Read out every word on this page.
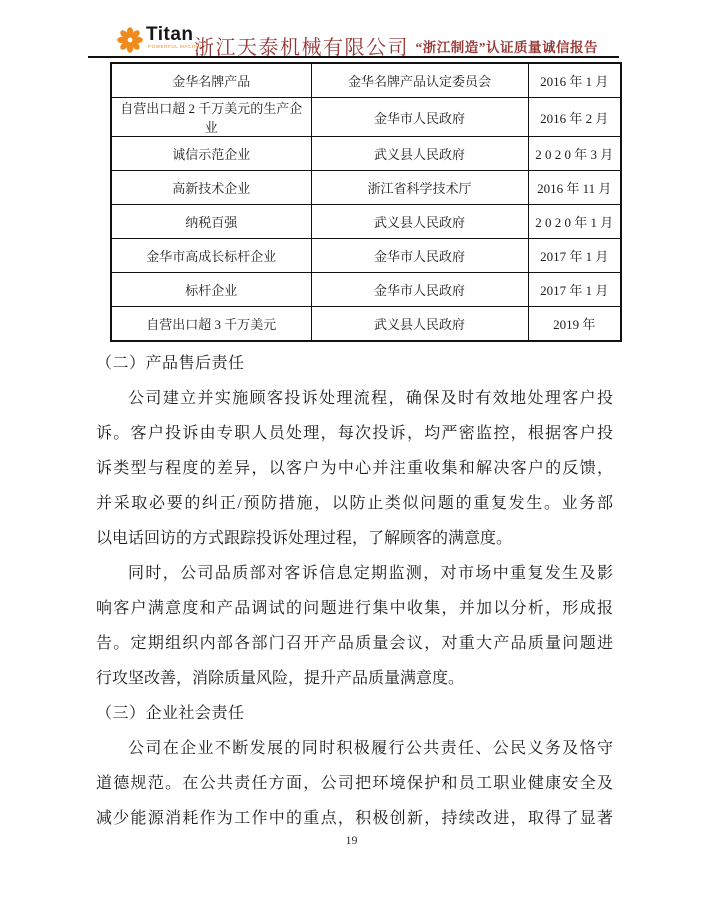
Titan
POWERFUL MACHINE
浙江天泰机械有限公司 “浙江制造”认证质量诚信报告
金华名牌产品	金华名牌产品认定委员会	2016 年 1 月
自营出口超 2 千万美元的生产企业	金华市人民政府	2016 年 2 月
诚信示范企业	武义县人民政府	2 0 2 0 年 3 月
高新技术企业	浙江省科学技术厅	2016 年 11 月
纳税百强	武义县人民政府	2 0 2 0 年 1 月
金华市高成长标杆企业	金华市人民政府	2017 年 1 月
标杆企业	金华市人民政府	2017 年 1 月
自营出口超 3 千万美元	武义县人民政府	2019 年
（二）产品售后责任
公司建立并实施顾客投诉处理流程，确保及时有效地处理客户投
诉。客户投诉由专职人员处理，每次投诉，均严密监控，根据客户投
诉类型与程度的差异，以客户为中心并注重收集和解决客户的反馈，
并采取必要的纠正/预防措施，以防止类似问题的重复发生。业务部
以电话回访的方式跟踪投诉处理过程，了解顾客的满意度。
同时，公司品质部对客诉信息定期监测，对市场中重复发生及影
响客户满意度和产品调试的问题进行集中收集，并加以分析，形成报
告。定期组织内部各部门召开产品质量会议，对重大产品质量问题进
行攻坚改善，消除质量风险，提升产品质量满意度。
（三）企业社会责任
公司在企业不断发展的同时积极履行公共责任、公民义务及恪守
道德规范。在公共责任方面，公司把环境保护和员工职业健康安全及
减少能源消耗作为工作中的重点，积极创新，持续改进，取得了显著
19
